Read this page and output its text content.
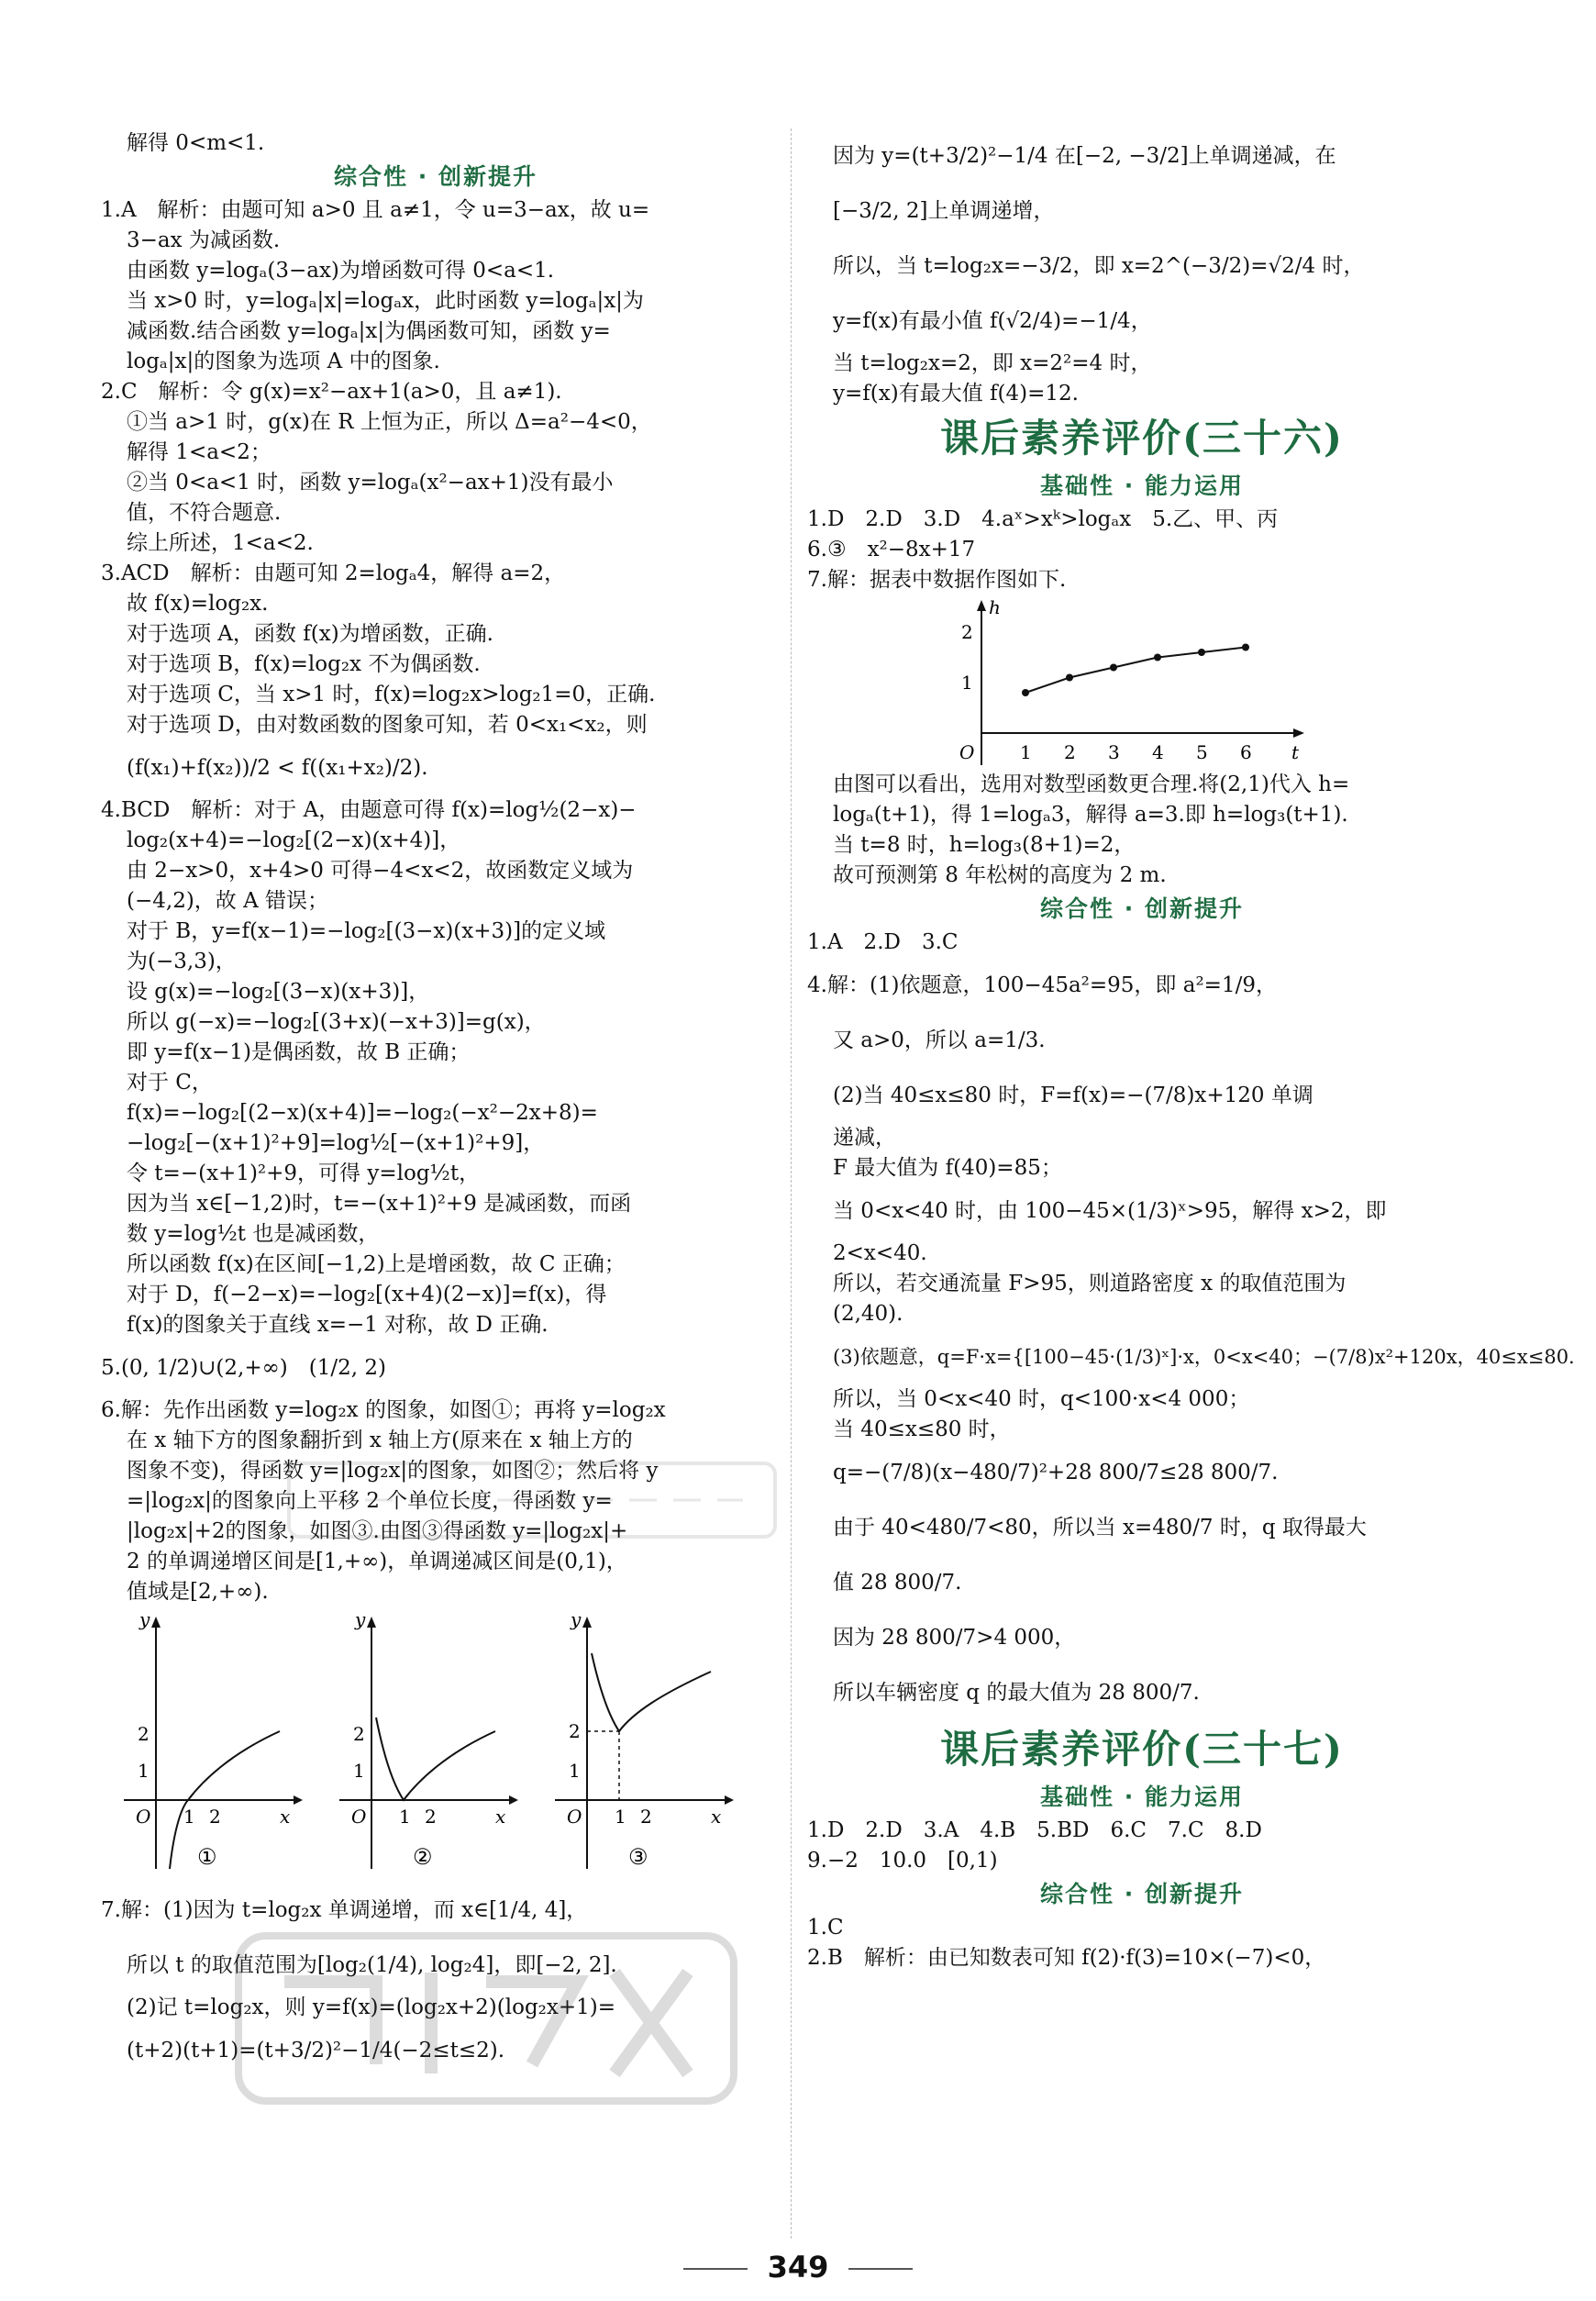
解得 0<m<1.
综合性 · 创新提升
1.A　解析：由题可知 a>0 且 a≠1，令 u=3−ax，故 u=
3−ax 为减函数.
由函数 y=logₐ(3−ax)为增函数可得 0<a<1.
当 x>0 时，y=logₐ|x|=logₐx，此时函数 y=logₐ|x|为
减函数.结合函数 y=logₐ|x|为偶函数可知，函数 y=
logₐ|x|的图象为选项 A 中的图象.
2.C　解析：令 g(x)=x²−ax+1(a>0，且 a≠1).
①当 a>1 时，g(x)在 R 上恒为正，所以 Δ=a²−4<0，
解得 1<a<2；
②当 0<a<1 时，函数 y=logₐ(x²−ax+1)没有最小
值，不符合题意.
综上所述，1<a<2.
3.ACD　解析：由题可知 2=logₐ4，解得 a=2，
故 f(x)=log₂x.
对于选项 A，函数 f(x)为增函数，正确.
对于选项 B，f(x)=log₂x 不为偶函数.
对于选项 C，当 x>1 时，f(x)=log₂x>log₂1=0，正确.
对于选项 D，由对数函数的图象可知，若 0<x₁<x₂，则
(f(x₁)+f(x₂))/2 < f((x₁+x₂)/2).
4.BCD　解析：对于 A，由题意可得 f(x)=log½(2−x)−
log₂(x+4)=−log₂[(2−x)(x+4)]，
由 2−x>0，x+4>0 可得−4<x<2，故函数定义域为
(−4,2)，故 A 错误；
对于 B，y=f(x−1)=−log₂[(3−x)(x+3)]的定义域
为(−3,3)，
设 g(x)=−log₂[(3−x)(x+3)]，
所以 g(−x)=−log₂[(3+x)(−x+3)]=g(x)，
即 y=f(x−1)是偶函数，故 B 正确；
对于 C，
f(x)=−log₂[(2−x)(x+4)]=−log₂(−x²−2x+8)=
−log₂[−(x+1)²+9]=log½[−(x+1)²+9]，
令 t=−(x+1)²+9，可得 y=log½t，
因为当 x∈[−1,2)时，t=−(x+1)²+9 是减函数，而函
数 y=log½t 也是减函数，
所以函数 f(x)在区间[−1,2)上是增函数，故 C 正确；
对于 D，f(−2−x)=−log₂[(x+4)(2−x)]=f(x)，得
f(x)的图象关于直线 x=−1 对称，故 D 正确.
5.(0, 1/2)∪(2,+∞)　(1/2, 2)
6.解：先作出函数 y=log₂x 的图象，如图①；再将 y=log₂x
在 x 轴下方的图象翻折到 x 轴上方(原来在 x 轴上方的
图象不变)，得函数 y=|log₂x|的图象，如图②；然后将 y
=|log₂x|的图象向上平移 2 个单位长度，得函数 y=
|log₂x|+2的图象，如图③.由图③得函数 y=|log₂x|+
2 的单调递增区间是[1,+∞)，单调递减区间是(0,1)，
值域是[2,+∞).
y
x
O
2
1
1 2
①
y
x
O
2
1
1 2
②
y
x
O
2
1
1 2
③
7.解：(1)因为 t=log₂x 单调递增，而 x∈[1/4, 4]，
所以 t 的取值范围为[log₂(1/4), log₂4]，即[−2, 2].
(2)记 t=log₂x，则 y=f(x)=(log₂x+2)(log₂x+1)=
(t+2)(t+1)=(t+3/2)²−1/4(−2≤t≤2).
因为 y=(t+3/2)²−1/4 在[−2, −3/2]上单调递减，在
[−3/2, 2]上单调递增，
所以，当 t=log₂x=−3/2，即 x=2^(−3/2)=√2/4 时，
y=f(x)有最小值 f(√2/4)=−1/4，
当 t=log₂x=2，即 x=2²=4 时，
y=f(x)有最大值 f(4)=12.
课后素养评价(三十六)
基础性 · 能力运用
1.D　2.D　3.D　4.aˣ>xᵏ>logₐx　5.乙、甲、丙
6.③　x²−8x+17
7.解：据表中数据作图如下.
h
t
O 1 2 3 4 5 6
1
2
由图可以看出，选用对数型函数更合理.将(2,1)代入 h=
logₐ(t+1)，得 1=logₐ3，解得 a=3.即 h=log₃(t+1).
当 t=8 时，h=log₃(8+1)=2，
故可预测第 8 年松树的高度为 2 m.
综合性 · 创新提升
1.A　2.D　3.C
4.解：(1)依题意，100−45a²=95，即 a²=1/9，
又 a>0，所以 a=1/3.
(2)当 40≤x≤80 时，F=f(x)=−(7/8)x+120 单调
递减，
F 最大值为 f(40)=85；
当 0<x<40 时，由 100−45×(1/3)ˣ>95，解得 x>2，即
2<x<40.
所以，若交通流量 F>95，则道路密度 x 的取值范围为
(2,40).
(3)依题意，q=F·x={[100−45·(1/3)ˣ]·x，0<x<40；−(7/8)x²+120x，40≤x≤80.
所以，当 0<x<40 时，q<100·x<4 000；
当 40≤x≤80 时，
q=−(7/8)(x−480/7)²+28 800/7≤28 800/7.
由于 40<480/7<80，所以当 x=480/7 时，q 取得最大
值 28 800/7.
因为 28 800/7>4 000，
所以车辆密度 q 的最大值为 28 800/7.
课后素养评价(三十七)
基础性 · 能力运用
1.D　2.D　3.A　4.B　5.BD　6.C　7.C　8.D
9.−2　10.0　[0,1)
综合性 · 创新提升
1.C
2.B　解析：由已知数表可知 f(2)·f(3)=10×(−7)<0，
349
